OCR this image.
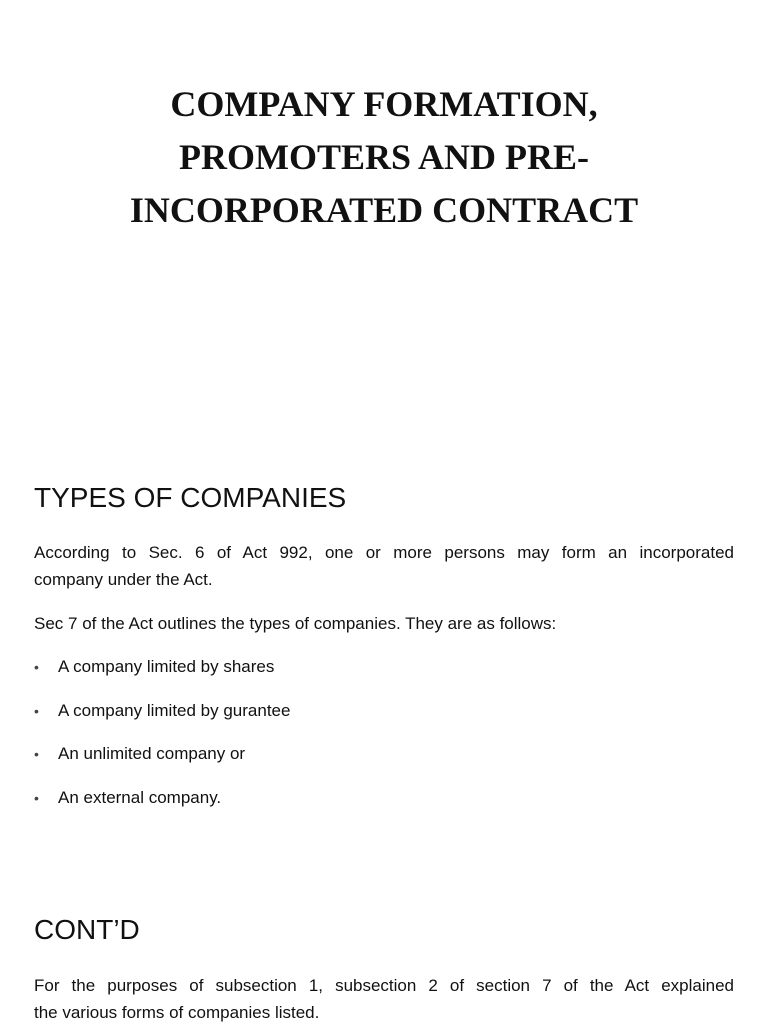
COMPANY FORMATION,
PROMOTERS AND PRE-
INCORPORATED CONTRACT
TYPES OF COMPANIES

According to Sec. 6 of Act 992, one or more persons may form an incorporated
company under the Act.

Sec 7 of the Act outlines the types of companies. They are as follows:

• A company limited by shares
• A company limited by gurantee
• An unlimited company or
• An external company.
CONT’D

For the purposes of subsection 1, subsection 2 of section 7 of the Act explained
the various forms of companies listed.
